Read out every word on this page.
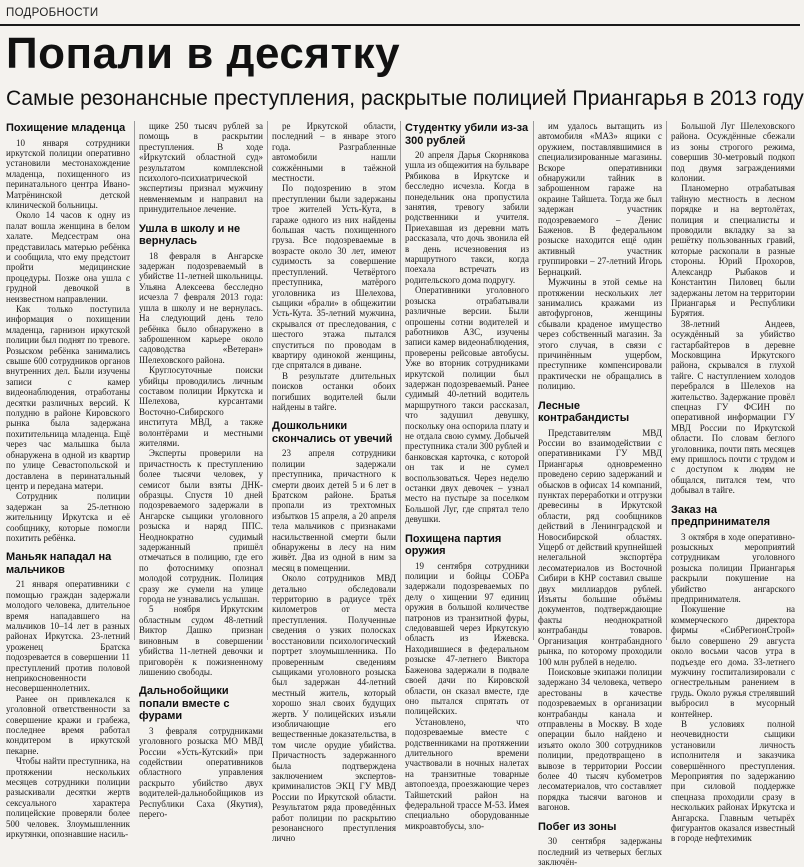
ПОДРОБНОСТИ
Попали в десятку
Самые резонансные преступления, раскрытые полицией Приангарья в 2013 году
Похищение младенца

10 января сотрудники иркутской полиции оперативно установили местонахождение младенца, похищенного из перинатального центра Ивано-Матрёнинской детской клинической больницы.

Около 14 часов к одну из палат вошла женщина в белом халате. Медсестрам она представилась матерью ребёнка и сообщила, что ему предстоит пройти медицинские процедуры. Позже она ушла с грудной девочкой в неизвестном направлении.

Как только поступила информация о похищении младенца, гарнизон иркутской полиции был поднят по тревоге. Розыском ребёнка занимались свыше 600 сотрудников органов внутренних дел. Были изучены записи с камер видеонаблюдения, отработаны десятки различных версий. К полудню в районе Кировского рынка была задержана похитительница младенца. Ещё через час малышка была обнаружена в одной из квартир по улице Севастопольской и доставлена в перинатальный центр и передана матери.

Сотрудник полиции задержан за 25-летнюю жительницу Иркутска и её сообщнику, которые помогли похитить ребёнка.

Маньяк нападал на мальчиков

21 января оперативники с помощью граждан задержали молодого человека, длительное время нападавшего на мальчиков 10–14 лет в разных районах Иркутска. 23-летний уроженец Братска подозревается в совершении 11 преступлений против половой неприкосновенности несовершеннолетних.

Ранее он привлекался к уголовной ответственности за совершение кражи и грабежа, последнее время работал кондитером в иркутской пекарне.

Чтобы найти преступника, на протяжении нескольких месяцев сотрудники полиции разыскивали десятки жертв сексуального характера полицейские проверяли более 500 человек. Злоумышленник иркутянки, опознавшие насиль-

щике 250 тысяч рублей за помощь в раскрытии преступления. В ходе «Иркутский областной суд» результатом комплексной психолого-психиатрической экспертизы признал мужчину невменяемым и направил на принудительное лечение.

Ушла в школу и не вернулась

18 февраля в Ангарске задержан подозреваемый в убийстве 11-летней школьницы. Ульяна Алексеева бесследно исчезла 7 февраля 2013 года: ушла в школу и не вернулась. На следующий день тело ребёнка было обнаружено в заброшенном карьере около садоводства «Ветеран» Шелеховского района.

Круглосуточные поиски убийцы проводились личным составом полиции Иркутска и Шелехова, курсантами Восточно-Сибирского института МВД, а также волонтёрами и местными жителями.

Эксперты проверили на причастность к преступлению более тысячи человек, у семисот были взяты ДНК-образцы. Спустя 10 дней подозреваемого задержали в Ангарске сыщики уголовного розыска и наряд ППС. Неоднократно судимый задержанный пришёл отмечаться в полицию, где его по фотоснимку опознал молодой сотрудник. Полиция сразу же сумели на улице города не узнавались услышан.

5 ноября Иркутским областным судом 48-летний Виктор Дашко признан виновным в совершении убийства 11-летней девочки и приговорён к пожизненному лишению свободы.

Дальнобойщики попали вместе с фурами

3 февраля сотрудниками уголовного розыска МО МВД России «Усть-Кутский» при содействии оперативников областного управления раскрыто убийство двух водителей-дальнобойщиков из Республики Саха (Якутия), перего-

ре Иркутской области, последний – в январе этого года. Разграбленные автомобили нашли сожжёнными в таёжной местности.

По подозрению в этом преступлении были задержаны трое жителей Усть-Кута, в гараже одного из них найдены большая часть похищенного груза. Все подозреваемые в возрасте около 30 лет, имеют судимость за совершение преступлений. Четвёртого преступника, матёрого уголовника из Шелехова, сыщики «брали» в общежитии Усть-Кута. 35-летний мужчина, скрывался от преследования, с шестого этажа пытался спуститься по проводам в квартиру одинокой женщины, где спрятался в диване.

В результате длительных поисков останки обоих погибших водителей были найдены в тайге.

Дошкольники скончались от увечий

23 апреля сотрудники полиции задержали преступника, причастного к смерти двоих детей 5 и 6 лет в Братском районе. Братья пропали из трехтомных избытков 15 апреля, а 20 апреля тела мальчиков с признаками насильственной смерти были обнаружены в лесу на ним живёт. Два из одной в ним за месяц в помещении.

Около сотрудников МВД детально обследовали территорию в радиусе трёх километров от места преступления. Полученные сведения о узких полосках восстановили психологический портрет злоумышленника. По проверенным сведениям сыщиками уголовного розыска был задержан 44-летний местный житель, который хорошо знал своих будущих жертв. У полицейских изъяли изобличающие его вещественные доказательства, в том числе орудие убийства. Причастность задержанного была подтверждена заключением экспертов-криминалистов ЭКЦ ГУ МВД России по Иркутской области. Результатом ряда проведённых работ полиции по раскрытию резонансного преступления лично

Студентку убили из-за 300 рублей

20 апреля Дарья Скорнякова ушла из общежития на бульваре Рябикова в Иркутске и бесследно исчезла. Когда в понедельник она пропустила занятия, тревогу забили родственники и учителя. Приехавшая из деревни мать рассказала, что дочь звонила ей в день исчезновения из маршрутного такси, когда поехала встречать из родительского дома подругу.

Оперативники уголовного розыска отрабатывали различные версии. Были опрошены сотни водителей и работников АЗС, изучены записи камер видеонаблюдения, проверены рейсовые автобусы. Уже во вторник сотрудниками иркутской полиции был задержан подозреваемый. Ранее судимый 40-летний водитель маршрутного такси рассказал, что задушил девушку, поскольку она оспорила плату и не отдала свою сумму. Добычей преступника стали 300 рублей и банковская карточка, с которой он так и не сумел воспользоваться. Через неделю останки двух девочек – узнал место на пустыре за поселком Большой Луг, где спрятал тело девушки.

Похищена партия оружия

19 сентября сотрудники полиции и бойцы СОБРа задержали подозреваемых по делу о хищении 97 единиц оружия в большой количестве патронов из транзитной фуры, следовавшей через Иркутскую область из Ижевска. Находившиеся в федеральном розыске 47-летнего Виктора Баженова задержали в подвале своей дачи по Кировской области, он сказал вместе, где оно пытался спрятать от полицейских.

Установлено, что подозреваемые вместе с родственниками на протяжении длительного времени участвовали в ночных налетах на транзитные товарные автопоезда, проезжающие через Тайшетский район на федеральной трассе М-53. Имея специально оборудованные микроавтобусы, зло-

им удалось вытащить из автомобиля «МАЗ» ящики с оружием, поставлявшимися в специализированные магазины. Вскоре оперативники обнаружили тайник в заброшенном гараже на окраине Тайшета. Тогда же был задержан участник подозреваемого – Денис Баженов. В федеральном розыске находится ещё один активный участник группировки – 27-летний Игорь Бернацкий.

Мужчины в этой семье на протяжении нескольких лет занимались кражами из автофургонов, женщины сбывали краденое имущество через собственный магазин. За этого случая, в связи с причинённым ущербом, преступнике компенсировали практически не обращались в полицию.

Лесные контрабандисты

Представителям МВД России во взаимодействии с оперативниками ГУ МВД Приангарья одновременно проведено серию задержаний и обысков в офисах 14 компаний, пунктах переработки и отгрузки древесины в Иркутской области, ряд сообщников действий в Ленинградской и Новосибирской областях. Ущерб от действий крупнейшей нелегальной экспортёра лесоматериалов из Восточной Сибири в КНР составил свыше двух миллиардов рублей. Изъяты большие объёмы документов, подтверждающие факты неоднократной контрабанды товаров. Организация контрабандного рынка, по которому проходили 100 млн рублей в неделю.

Поисковые экипажи полиции задержано 34 человека, четверо арестованы в качестве подозреваемых в организации контрабанды канала и отправлены в Москву. В ходе операции было найдено и изъято около 300 сотрудников полиции, предотвращено в вывозе в территории России более 40 тысяч кубометров лесоматериалов, что составляет порядка тысячи вагонов и вагонов.

Побег из зоны

30 сентября задержаны последний из четверых беглых заключён-

Большой Луг Шелеховского района. Осуждённые сбежали из зоны строгого режима, совершив 30-метровый подкоп под двумя заграждениями колонии.

Планомерно отрабатывая тайную местность в лесном порядке и на вертолётах, полиция и специалисты и проводили вкладку за за решётку пользованных гравий, которые раскопали в разные стороны. Юрий Прохоров, Александр Рыбаков и Константин Пиловец были задержаны летом на территории Приангарья и Республики Бурятия.

38-летний Андеев, осуждённый за убийство гастарбайтеров в деревне Московщина Иркутского района, скрывался в глухой тайге. С наступлением холодов перебрался в Шелехов на жительство. Задержание провёл спецназ ГУ ФСИН по оперативной информации ГУ МВД России по Иркутской области. По словам беглого уголовника, почти пять месяцев ему пришлось почти с трудом и с доступом к людям не общался, питался тем, что добывал в тайге.

Заказ на предпринимателя

3 октября в ходе оперативно-розыскных мероприятий сотрудникам уголовного розыска полиции Приангарья раскрыли покушение на убийство ангарского предпринимателя.

Покушение на коммерческого директора фирмы «СибРегионСтрой» было совершено 29 августа около восьми часов утра в подъезде его дома. 33-летнего мужчину госпитализировали с огнестрельным ранением в грудь. Около ружья стрелявший выбросил в мусорный контейнер.

В условиях полной неочевидности сыщики установили личность исполнителя и заказчика совершённого преступления. Мероприятия по задержанию при силовой поддержке спецназа проходили сразу в нескольких районах Иркутска и Ангарска. Главным четырёх фигурантов оказался известный в городе нефтехимик
